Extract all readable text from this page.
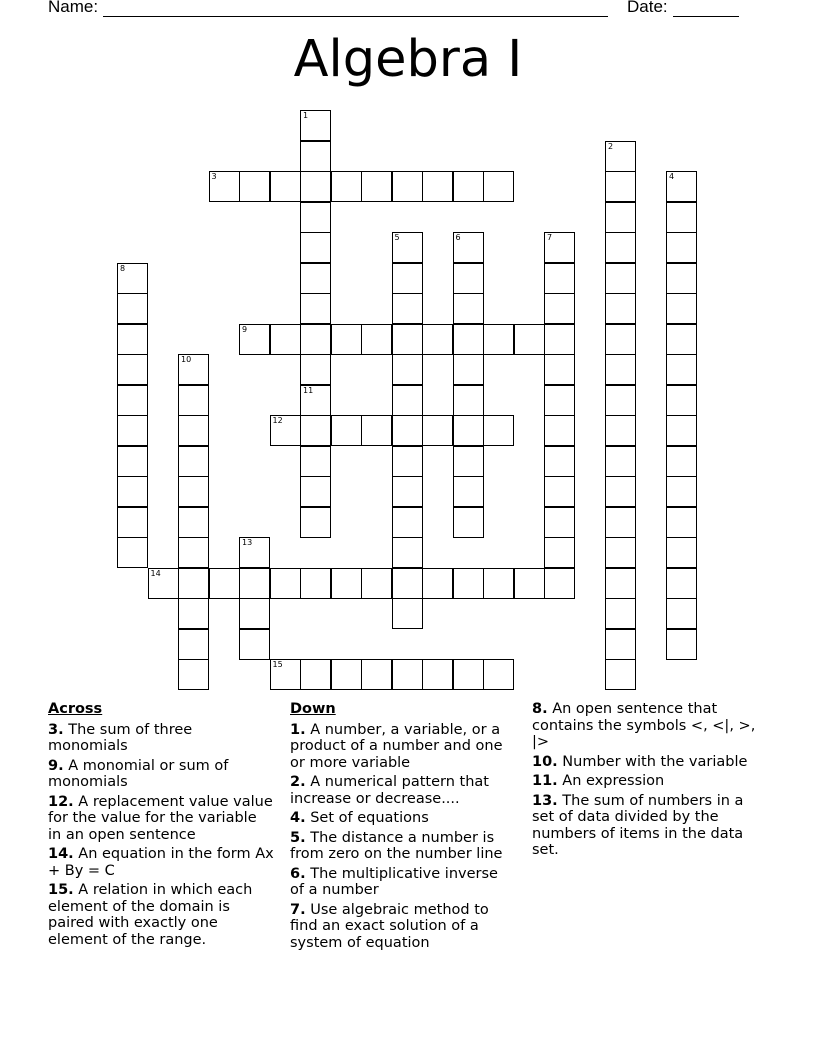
Name:	Date:
Algebra I
1
11
2
3	4
5	6	7
8
9
10
12
13
14
15
Across
3. The sum of three monomials
9. A monomial or sum of monomials
12. A replacement value value for the value for the variable in an open sentence
14. An equation in the form Ax + By = C
15. A relation in which each element of the domain is paired with exactly one element of the range.
Down
1. A number, a variable, or a product of a number and one or more variable
2. A numerical pattern that increase or decrease....
4. Set of equations
5. The distance a number is from zero on the number line
6. The multiplicative inverse of a number
7. Use algebraic method to find an exact solution of a system of equation
8. An open sentence that contains the symbols <, <|, >, |>
10. Number with the variable
11. An expression
13. The sum of numbers in a set of data divided by the numbers of items in the data set.
